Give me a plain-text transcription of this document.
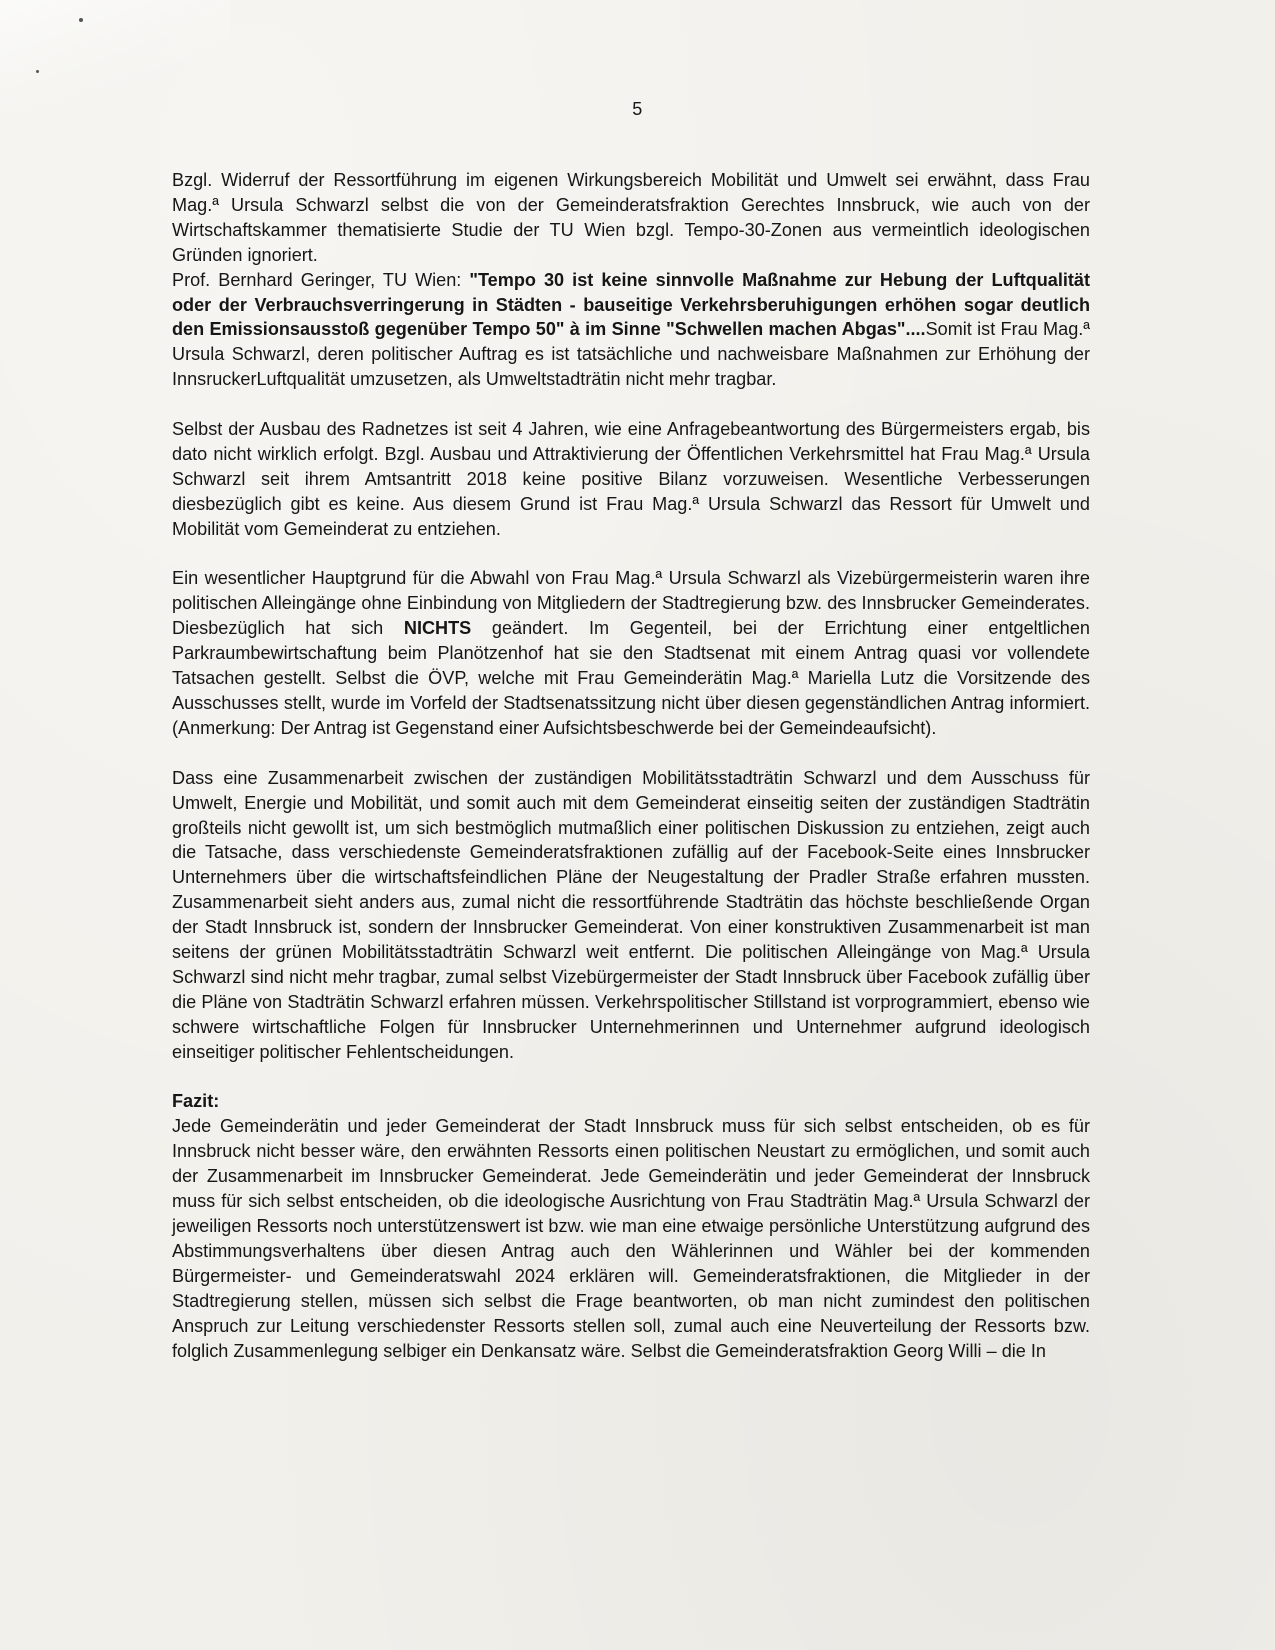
5

Bzgl. Widerruf der Ressortführung im eigenen Wirkungsbereich Mobilität und Umwelt sei erwähnt, dass Frau Mag.ª Ursula Schwarzl selbst die von der Gemeinderatsfraktion Gerechtes Innsbruck, wie auch von der Wirtschaftskammer thematisierte Studie der TU Wien bzgl. Tempo-30-Zonen aus vermeintlich ideologischen Gründen ignoriert.

Prof. Bernhard Geringer, TU Wien: "Tempo 30 ist keine sinnvolle Maßnahme zur Hebung der Luftqualität oder der Verbrauchsverringerung in Städten - bauseitige Verkehrsberuhigungen erhöhen sogar deutlich den Emissionsausstoß gegenüber Tempo 50" à im Sinne "Schwellen machen Abgas"....Somit ist Frau Mag.ª Ursula Schwarzl, deren politischer Auftrag es ist tatsächliche und nachweisbare Maßnahmen zur Erhöhung der InnsruckerLuftqualität umzusetzen, als Umweltstadträtin nicht mehr tragbar.

Selbst der Ausbau des Radnetzes ist seit 4 Jahren, wie eine Anfragebeantwortung des Bürgermeisters ergab, bis dato nicht wirklich erfolgt. Bzgl. Ausbau und Attraktivierung der Öffentlichen Verkehrsmittel hat Frau Mag.ª Ursula Schwarzl seit ihrem Amtsantritt 2018 keine positive Bilanz vorzuweisen. Wesentliche Verbesserungen diesbezüglich gibt es keine. Aus diesem Grund ist Frau Mag.ª Ursula Schwarzl das Ressort für Umwelt und Mobilität vom Gemeinderat zu entziehen.

Ein wesentlicher Hauptgrund für die Abwahl von Frau Mag.ª Ursula Schwarzl als Vizebürgermeisterin waren ihre politischen Alleingänge ohne Einbindung von Mitgliedern der Stadtregierung bzw. des Innsbrucker Gemeinderates. Diesbezüglich hat sich NICHTS geändert. Im Gegenteil, bei der Errichtung einer entgeltlichen Parkraumbewirtschaftung beim Planötzenhof hat sie den Stadtsenat mit einem Antrag quasi vor vollendete Tatsachen gestellt. Selbst die ÖVP, welche mit Frau Gemeinderätin Mag.ª Mariella Lutz die Vorsitzende des Ausschusses stellt, wurde im Vorfeld der Stadtsenatssitzung nicht über diesen gegenständlichen Antrag informiert. (Anmerkung: Der Antrag ist Gegenstand einer Aufsichtsbeschwerde bei der Gemeindeaufsicht).

Dass eine Zusammenarbeit zwischen der zuständigen Mobilitätsstadträtin Schwarzl und dem Ausschuss für Umwelt, Energie und Mobilität, und somit auch mit dem Gemeinderat einseitig seiten der zuständigen Stadträtin großteils nicht gewollt ist, um sich bestmöglich mutmaßlich einer politischen Diskussion zu entziehen, zeigt auch die Tatsache, dass verschiedenste Gemeinderatsfraktionen zufällig auf der Facebook-Seite eines Innsbrucker Unternehmers über die wirtschaftsfeindlichen Pläne der Neugestaltung der Pradler Straße erfahren mussten. Zusammenarbeit sieht anders aus, zumal nicht die ressortführende Stadträtin das höchste beschließende Organ der Stadt Innsbruck ist, sondern der Innsbrucker Gemeinderat. Von einer konstruktiven Zusammenarbeit ist man seitens der grünen Mobilitätsstadträtin Schwarzl weit entfernt. Die politischen Alleingänge von Mag.ª Ursula Schwarzl sind nicht mehr tragbar, zumal selbst Vizebürgermeister der Stadt Innsbruck über Facebook zufällig über die Pläne von Stadträtin Schwarzl erfahren müssen. Verkehrspolitischer Stillstand ist vorprogrammiert, ebenso wie schwere wirtschaftliche Folgen für Innsbrucker Unternehmerinnen und Unternehmer aufgrund ideologisch einseitiger politischer Fehlentscheidungen.

Fazit:

Jede Gemeinderätin und jeder Gemeinderat der Stadt Innsbruck muss für sich selbst entscheiden, ob es für Innsbruck nicht besser wäre, den erwähnten Ressorts einen politischen Neustart zu ermöglichen, und somit auch der Zusammenarbeit im Innsbrucker Gemeinderat. Jede Gemeinderätin und jeder Gemeinderat der Innsbruck muss für sich selbst entscheiden, ob die ideologische Ausrichtung von Frau Stadträtin Mag.ª Ursula Schwarzl der jeweiligen Ressorts noch unterstützenswert ist bzw. wie man eine etwaige persönliche Unterstützung aufgrund des Abstimmungsverhaltens über diesen Antrag auch den Wählerinnen und Wähler bei der kommenden Bürgermeister- und Gemeinderatswahl 2024 erklären will. Gemeinderatsfraktionen, die Mitglieder in der Stadtregierung stellen, müssen sich selbst die Frage beantworten, ob man nicht zumindest den politischen Anspruch zur Leitung verschiedenster Ressorts stellen soll, zumal auch eine Neuverteilung der Ressorts bzw. folglich Zusammenlegung selbiger ein Denkansatz wäre. Selbst die Gemeinderatsfraktion Georg Willi – die In
